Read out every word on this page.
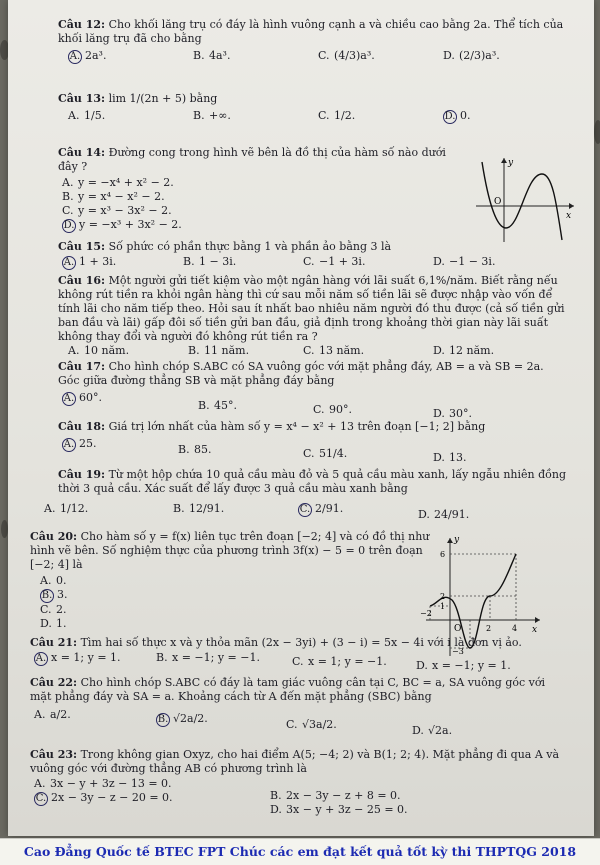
Câu 12: Cho khối lăng trụ có đáy là hình vuông cạnh a và chiều cao bằng 2a. Thể tích của khối lăng trụ đã cho bằng

A. 2a³.	B. 4a³.	C. (4/3)a³.	D. (2/3)a³.

Câu 13: lim 1/(2n + 5) bằng

A. 1/5.	B. +∞.	C. 1/2.	D. 0.

Câu 14: Đường cong trong hình vẽ bên là đồ thị của hàm số nào dưới đây ?

A. y = −x⁴ + x² − 2.
B. y = x⁴ − x² − 2.
C. y = x³ − 3x² − 2.
D. y = −x³ + 3x² − 2.
y
x
O

Câu 15: Số phức có phần thực bằng 1 và phần ảo bằng 3 là

A. 1 + 3i.	B. 1 − 3i.	C. −1 + 3i.	D. −1 − 3i.

Câu 16: Một người gửi tiết kiệm vào một ngân hàng với lãi suất 6,1%/năm. Biết rằng nếu không rút tiền ra khỏi ngân hàng thì cứ sau mỗi năm số tiền lãi sẽ được nhập vào vốn để tính lãi cho năm tiếp theo. Hỏi sau ít nhất bao nhiêu năm người đó thu được (cả số tiền gửi ban đầu và lãi) gấp đôi số tiền gửi ban đầu, giả định trong khoảng thời gian này lãi suất không thay đổi và người đó không rút tiền ra ?

A. 10 năm.	B. 11 năm.	C. 13 năm.	D. 12 năm.

Câu 17: Cho hình chóp S.ABC có SA vuông góc với mặt phẳng đáy, AB = a và SB = 2a. Góc giữa đường thẳng SB và mặt phẳng đáy bằng

A. 60°.
B. 45°.	C. 90°.	D. 30°.

Câu 18: Giá trị lớn nhất của hàm số y = x⁴ − x² + 13 trên đoạn [−1; 2] bằng

A. 25.	B. 85.	C. 51/4.	D. 13.

Câu 19: Từ một hộp chứa 10 quả cầu màu đỏ và 5 quả cầu màu xanh, lấy ngẫu nhiên đồng thời 3 quả cầu. Xác suất để lấy được 3 quả cầu màu xanh bằng

A. 1/12.	B. 12/91.	C. 2/91.	D. 24/91.

Câu 20: Cho hàm số y = f(x) liên tục trên đoạn [−2; 4] và có đồ thị như hình vẽ bên. Số nghiệm thực của phương trình 3f(x) − 5 = 0 trên đoạn [−2; 4] là

A. 0.
B. 3.
C. 2.
D. 1.
y
x
O
−2
2	4
6
2
1
−3

Câu 21: Tìm hai số thực x và y thỏa mãn (2x − 3yi) + (3 − i) = 5x − 4i với i là đơn vị ảo.

A. x = 1; y = 1.	B. x = −1; y = −1.	C. x = 1; y = −1.	D. x = −1; y = 1.

Câu 22: Cho hình chóp S.ABC có đáy là tam giác vuông cân tại C, BC = a, SA vuông góc với mặt phẳng đáy và SA = a. Khoảng cách từ A đến mặt phẳng (SBC) bằng

A. a/2.	B. √2a/2.	C. √3a/2.	D. √2a.

Câu 23: Trong không gian Oxyz, cho hai điểm A(5; −4; 2) và B(1; 2; 4). Mặt phẳng đi qua A và vuông góc với đường thẳng AB có phương trình là

A. 3x − y + 3z − 13 = 0.
B. 2x − 3y − z + 8 = 0.
C. 2x − 3y − z − 20 = 0.
D. 3x − y + 3z − 25 = 0.
Cao Đẳng Quốc tế BTEC FPT Chúc các em đạt kết quả tốt kỳ thi THPTQG 2018
